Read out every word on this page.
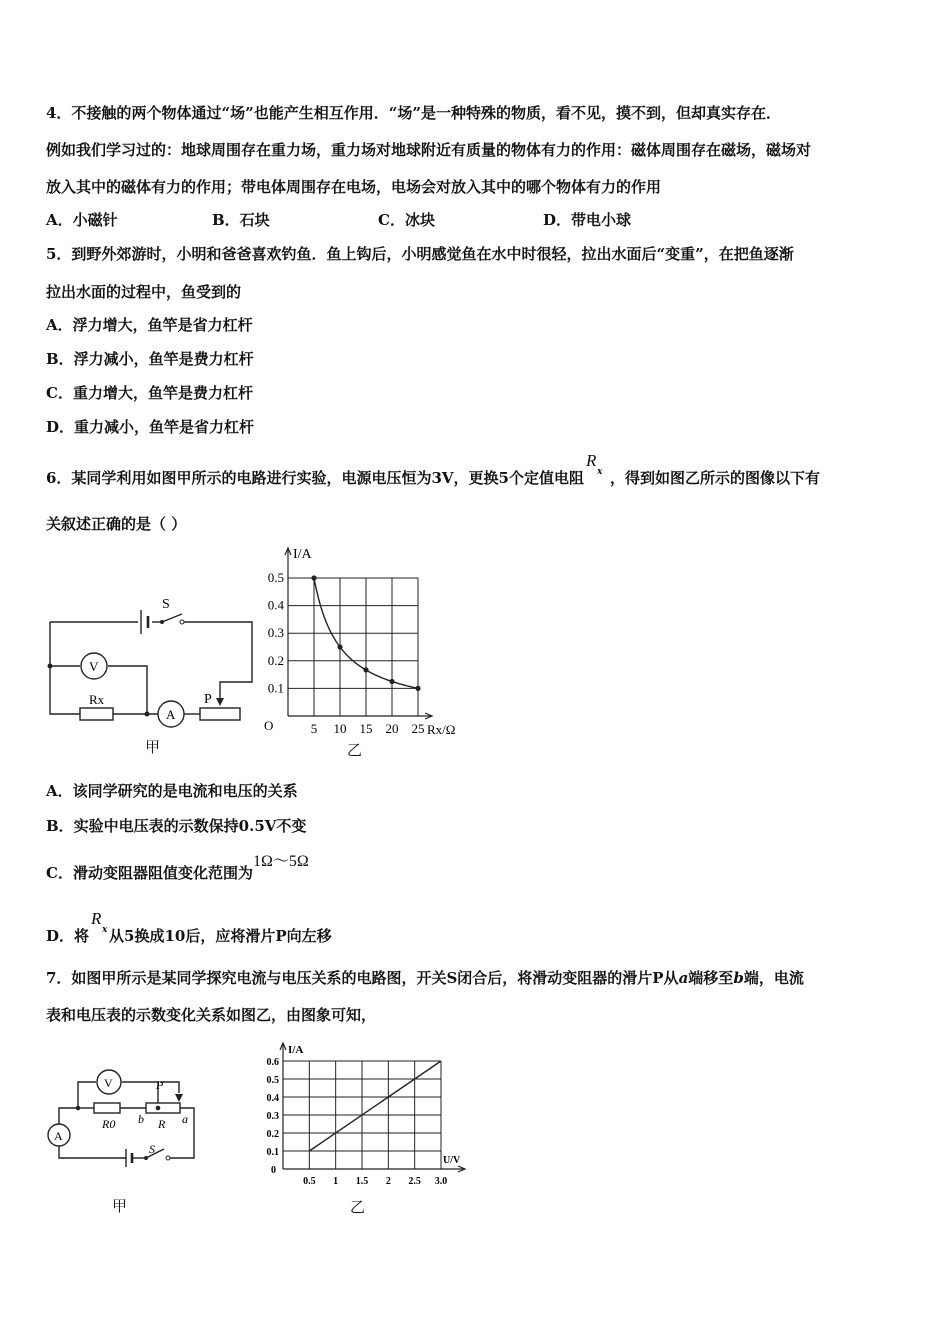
4．不接触的两个物体通过“场”也能产生相互作用．“场”是一种特殊的物质，看不见，摸不到，但却真实存在．
例如我们学习过的：地球周围存在重力场，重力场对地球附近有质量的物体有力的作用：磁体周围存在磁场，磁场对
放入其中的磁体有力的作用；带电体周围存在电场，电场会对放入其中的哪个物体有力的作用
A．小磁针	B．石块	C．冰块	D．带电小球
5．到野外郊游时，小明和爸爸喜欢钓鱼．鱼上钩后，小明感觉鱼在水中时很轻，拉出水面后“变重”，在把鱼逐渐
拉出水面的过程中，鱼受到的
A．浮力增大，鱼竿是省力杠杆
B．浮力减小，鱼竿是费力杠杆
C．重力增大，鱼竿是费力杠杆
D．重力减小，鱼竿是省力杠杆
6．某同学利用如图甲所示的电路进行实验，电源电压恒为3V，更换5个定值电阻
R
x ，得到如图乙所示的图像以下有
关叙述正确的是（ ）
S
V
Rx
A
P
甲
5 10 15 20 25
0.1
0.2
0.3
0.4
0.5
O
I/A
Rx/Ω
乙
A．该同学研究的是电流和电压的关系
B．实验中电压表的示数保持0.5V不变
C．滑动变阻器阻值变化范围为1Ω～5Ω
D．将
R
x 从5换成10后，应将滑片P向左移
7．如图甲所示是某同学探究电流与电压关系的电路图，开关S闭合后，将滑动变阻器的滑片P从a端移至b端，电流
表和电压表的示数变化关系如图乙，由图象可知，
V
A
R0	R
P
b	a
S
甲
0.5 1 1.5 2 2.5 3.0
0.1
0.2
0.3
0.4
0.5
0.6
0
I/A
U/V
乙
